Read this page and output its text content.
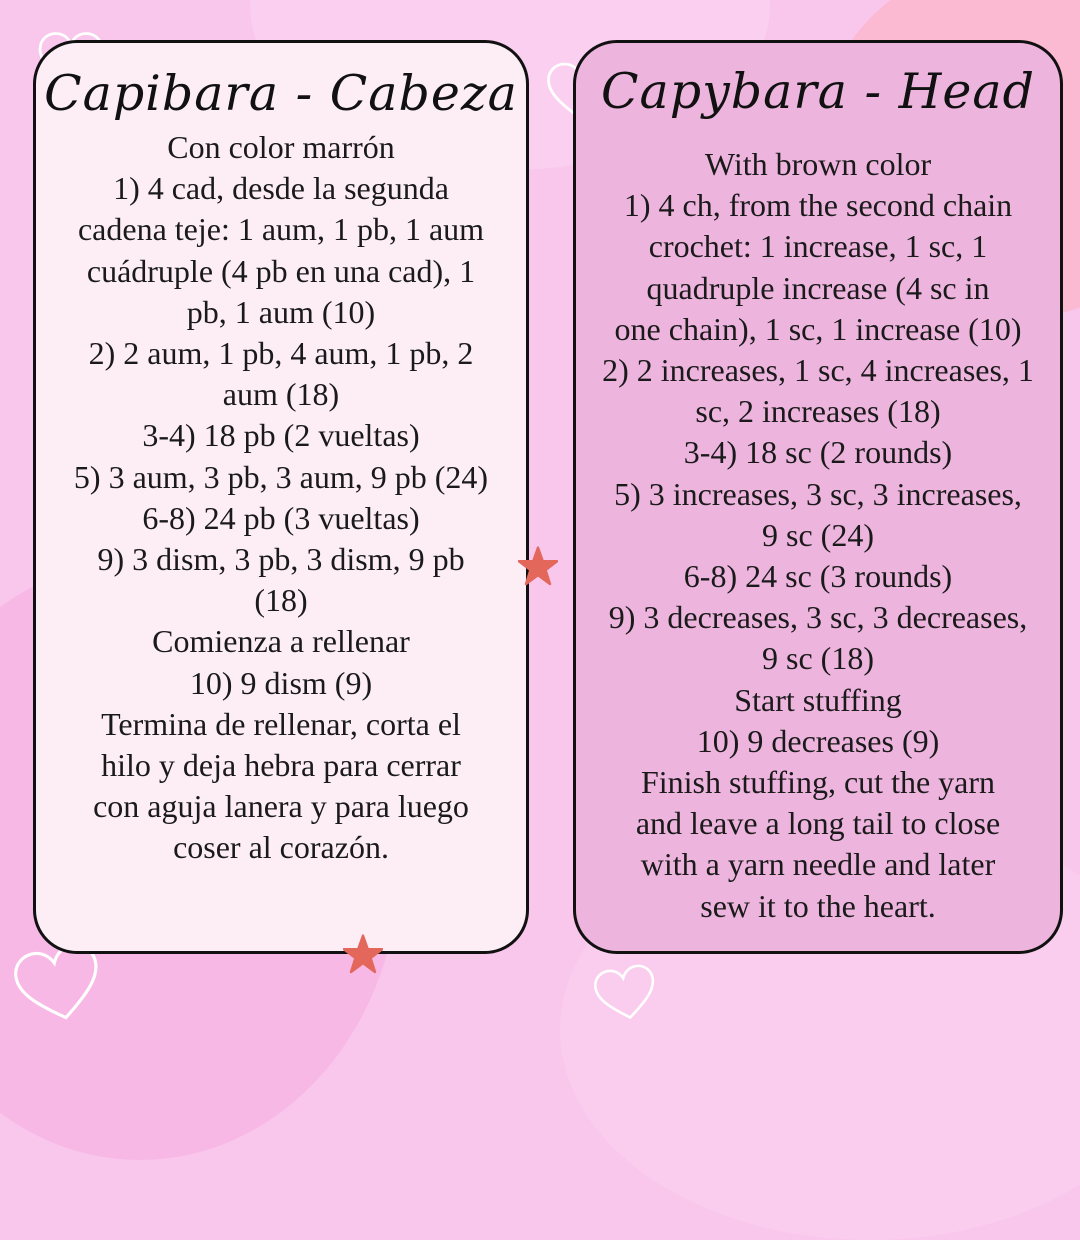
Capibara - Cabeza
Con color marrón
1) 4 cad, desde la segunda
cadena teje: 1 aum, 1 pb, 1 aum
cuádruple (4 pb en una cad), 1
pb, 1 aum (10)
2) 2 aum, 1 pb, 4 aum, 1 pb, 2
aum (18)
3-4) 18 pb (2 vueltas)
5) 3 aum, 3 pb, 3 aum, 9 pb (24)
6-8) 24 pb (3 vueltas)
9) 3 dism, 3 pb, 3 dism, 9 pb
(18)
Comienza a rellenar
10) 9 dism (9)
Termina de rellenar, corta el
hilo y deja hebra para cerrar
con aguja lanera y para luego
coser al corazón.
Capybara - Head
With brown color
1) 4 ch, from the second chain
crochet: 1 increase, 1 sc, 1
quadruple increase (4 sc in
one chain), 1 sc, 1 increase (10)
2) 2 increases, 1 sc, 4 increases, 1
sc, 2 increases (18)
3-4) 18 sc (2 rounds)
5) 3 increases, 3 sc, 3 increases,
9 sc (24)
6-8) 24 sc (3 rounds)
9) 3 decreases, 3 sc, 3 decreases,
9 sc (18)
Start stuffing
10) 9 decreases (9)
Finish stuffing, cut the yarn
and leave a long tail to close
with a yarn needle and later
sew it to the heart.
